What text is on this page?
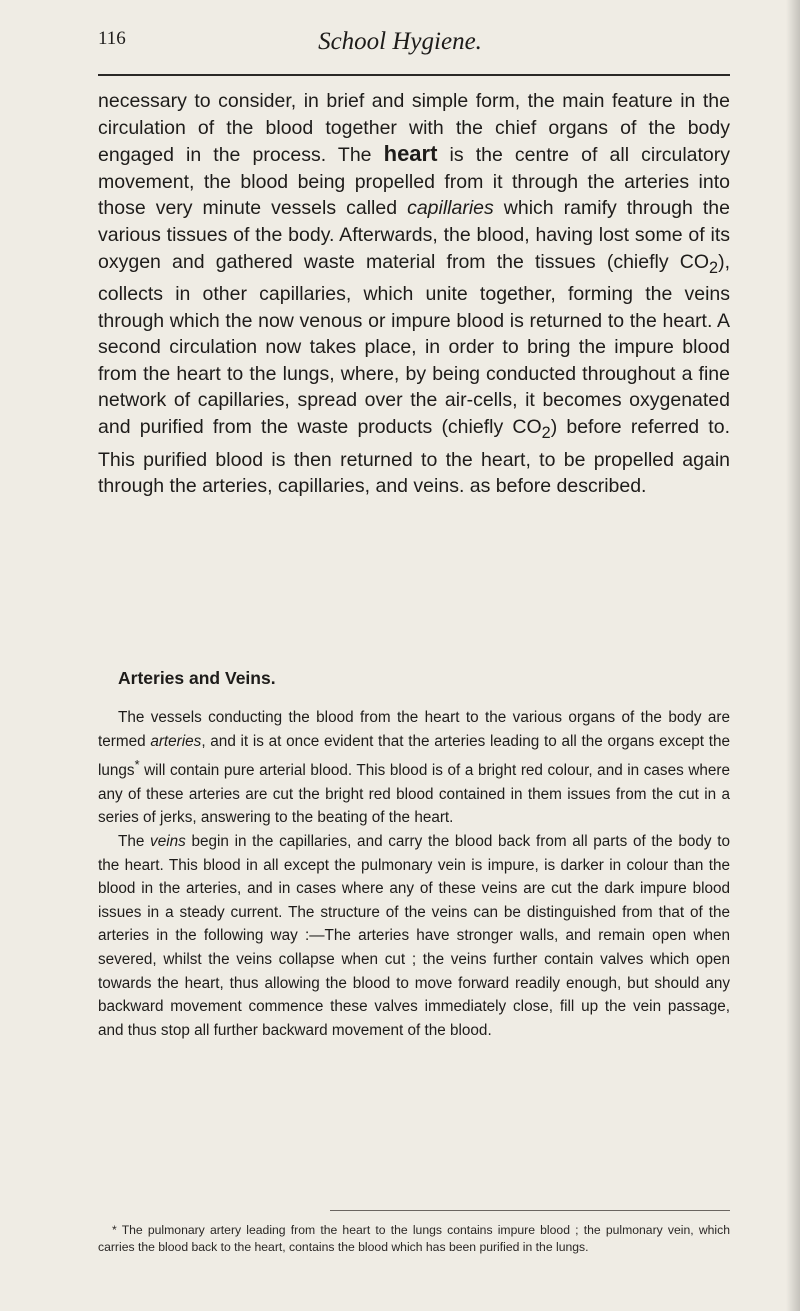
116	School Hygiene.

necessary to consider, in brief and simple form, the main feature in the circulation of the blood together with the chief organs of the body engaged in the process. The heart is the centre of all circulatory movement, the blood being propelled from it through the arteries into those very minute vessels called capillaries which ramify through the various tissues of the body. Afterwards, the blood, having lost some of its oxygen and gathered waste material from the tissues (chiefly $CO_2$), collects in other capillaries, which unite together, forming the veins through which the now venous or impure blood is returned to the heart. A second circulation now takes place, in order to bring the impure blood from the heart to the lungs, where, by being conducted throughout a fine network of capillaries, spread over the air-cells, it becomes oxygenated and purified from the waste products (chiefly $CO_2$) before referred to. This purified blood is then returned to the heart, to be propelled again through the arteries, capillaries, and veins. as before described.

Arteries and Veins.

The vessels conducting the blood from the heart to the various organs of the body are termed arteries, and it is at once evident that the arteries leading to all the organs except the lungs* will contain pure arterial blood. This blood is of a bright red colour, and in cases where any of these arteries are cut the bright red blood contained in them issues from the cut in a series of jerks, answering to the beating of the heart.

The veins begin in the capillaries, and carry the blood back from all parts of the body to the heart. This blood in all except the pulmonary vein is impure, is darker in colour than the blood in the arteries, and in cases where any of these veins are cut the dark impure blood issues in a steady current. The structure of the veins can be distinguished from that of the arteries in the following way :—The arteries have stronger walls, and remain open when severed, whilst the veins collapse when cut ; the veins further contain valves which open towards the heart, thus allowing the blood to move forward readily enough, but should any backward movement commence these valves immediately close, fill up the vein passage, and thus stop all further backward movement of the blood.

* The pulmonary artery leading from the heart to the lungs contains impure blood ; the pulmonary vein, which carries the blood back to the heart, contains the blood which has been purified in the lungs.
